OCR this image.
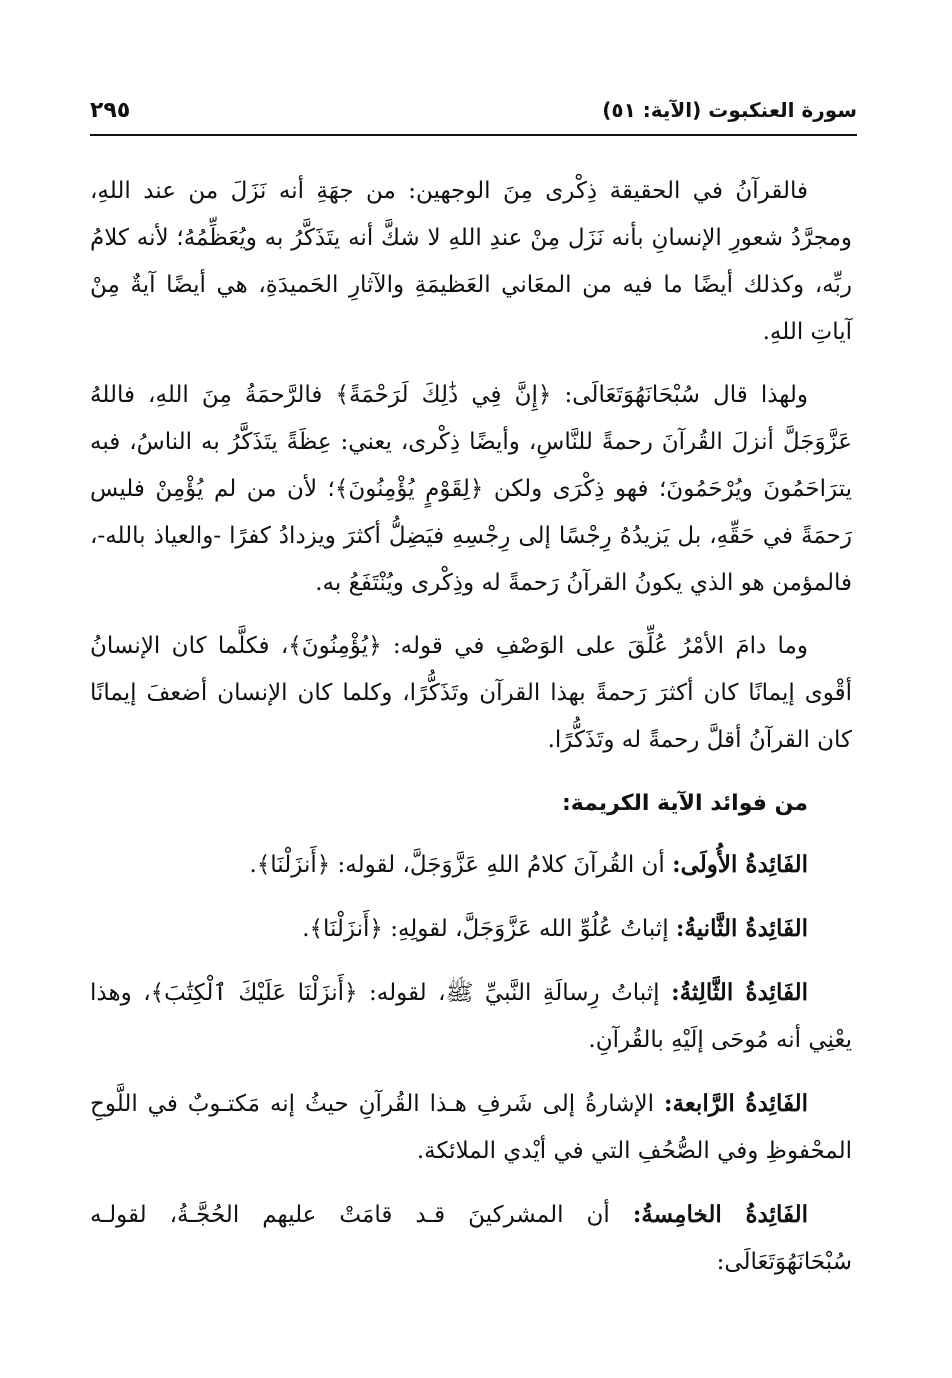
سورة العنكبوت (الآية: ٥١)
٢٩٥

فالقرآنُ في الحقيقة ذِكْرى مِنَ الوجهين: من جهَةِ أنه نَزَلَ من عند اللهِ، ومجرَّدُ شعورِ الإنسانِ بأنه نَزَل مِنْ عندِ اللهِ لا شكَّ أنه يتَذَكَّرُ به ويُعَظِّمُهُ؛ لأنه كلامُ ربِّه، وكذلك أيضًا ما فيه من المعَاني العَظيمَةِ والآثارِ الحَميدَةِ، هي أيضًا آيةٌ مِنْ آياتِ اللهِ.

ولهذا قال سُبْحَانَهُوَتَعَالَى: ﴿إِنَّ فِي ذَٰلِكَ لَرَحْمَةً﴾ فالرَّحمَةُ مِنَ اللهِ، فاللهُ عَزَّوَجَلَّ أنزلَ القُرآنَ رحمةً للنَّاسِ، وأيضًا ذِكْرى، يعني: عِظَةً يتَذَكَّرُ به الناسُ، فبه يترَاحَمُونَ ويُرْحَمُونَ؛ فهو ذِكْرَى ولكن ﴿لِقَوْمٍ يُؤْمِنُونَ﴾؛ لأن من لم يُؤْمِنْ فليس رَحمَةً في حَقِّهِ، بل يَزيدُهُ رِجْسًا إلى رِجْسِهِ فيَضِلُّ أكثرَ ويزدادُ كفرًا -والعياذ بالله-، فالمؤمن هو الذي يكونُ القرآنُ رَحمةً له وذِكْرى ويُنْتَفَعُ به.

وما دامَ الأمْرُ عُلِّقَ على الوَصْفِ في قوله: ﴿يُؤْمِنُونَ﴾، فكلَّما كان الإنسانُ أقْوى إيمانًا كان أكثرَ رَحمةً بهذا القرآن وتَذَكُّرًا، وكلما كان الإنسان أضعفَ إيمانًا كان القرآنُ أقلَّ رحمةً له وتَذَكُّرًا.

من فوائد الآية الكريمة:

الفَائِدةُ الأُولَى: أن القُرآنَ كلامُ اللهِ عَزَّوَجَلَّ، لقوله: ﴿أَنزَلْنَا﴾.

الفَائِدةُ الثَّانيةُ: إثباتُ عُلُوِّ الله عَزَّوَجَلَّ، لقولِهِ: ﴿أَنزَلْنَا﴾.

الفَائِدةُ الثَّالِثةُ: إثباتُ رِسالَةِ النَّبيِّ ﷺ، لقوله: ﴿أَنزَلْنَا عَلَيْكَ ٱلْكِتَٰبَ﴾، وهذا يعْنِي أنه مُوحَى إلَيْهِ بالقُرآنِ.

الفَائِدةُ الرَّابعة: الإشارةُ إلى شَرفِ هـذا القُرآنِ حيثُ إنه مَكتـوبٌ في اللَّوحِ المحْفوظِ وفي الصُّحُفِ التي في أيْدي الملائكة.

الفَائِدةُ الخامِسةُ: أن المشركينَ قـد قامَتْ عليهم الحُجَّـةُ، لقولـه سُبْحَانَهُوَتَعَالَى:
